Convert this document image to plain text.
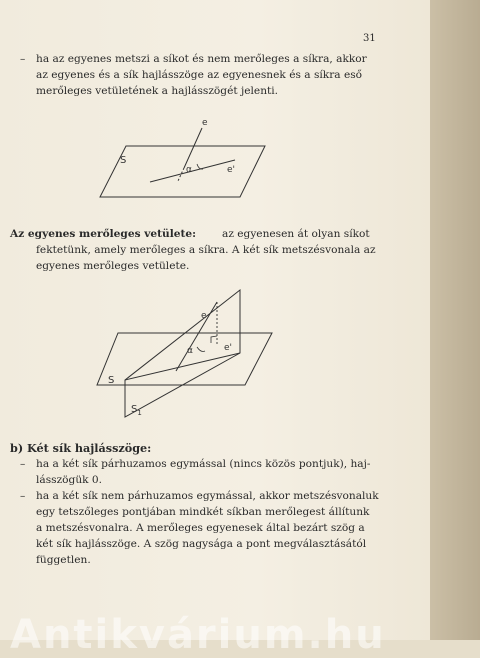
31

– ha az egyenes metszi a síkot és nem merőleges a síkra, akkor

az egyenes és a sík hajlásszöge az egyenesnek és a síkra eső

merőleges vetületének a hajlásszögét jelenti.

S
e
e'
α

Az egyenes merőleges vetülete: az egyenesen át olyan síkot

fektetünk, amely merőleges a síkra. A két sík metszésvonala az

egyenes merőleges vetülete.

S
$S_1$
e
e'
α

b) Két sík hajlásszöge:

– ha a két sík párhuzamos egymással (nincs közös pontjuk), haj-

lásszögük 0.

– ha a két sík nem párhuzamos egymással, akkor metszésvonaluk

egy tetszőleges pontjában mindkét síkban merőlegest állítunk

a metszésvonalra. A merőleges egyenesek által bezárt szög a

két sík hajlásszöge. A szög nagysága a pont megválasztásától

független.

Antikvárium.hu
